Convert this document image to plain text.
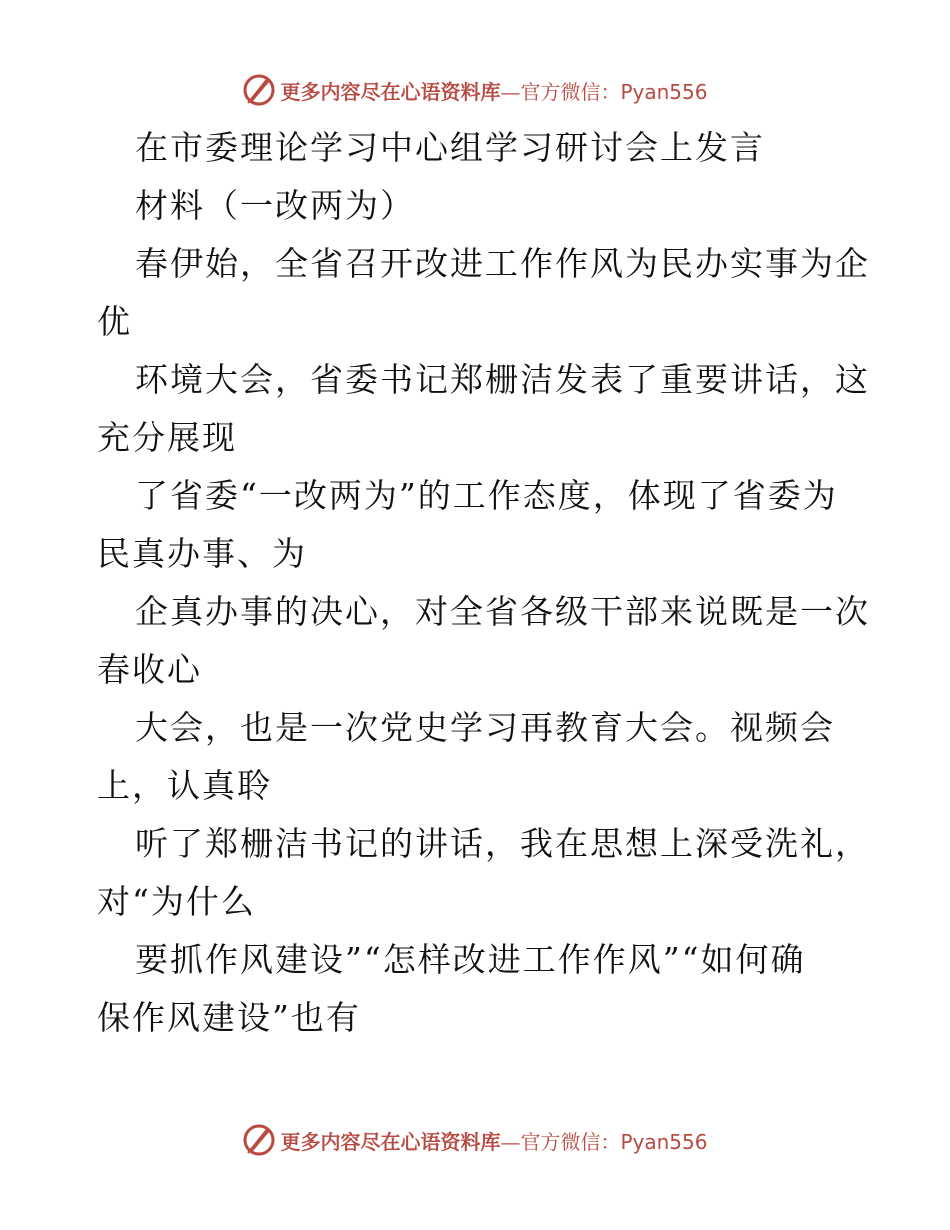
更多内容尽在心语资料库—官方微信：Pyan556
在市委理论学习中心组学习研讨会上发言
材料（一改两为）
春伊始，全省召开改进工作作风为民办实事为企
优
环境大会，省委书记郑栅洁发表了重要讲话，这
充分展现
了省委“一改两为”的工作态度，体现了省委为
民真办事、为
企真办事的决心，对全省各级干部来说既是一次
春收心
大会，也是一次党史学习再教育大会。视频会
上，认真聆
听了郑栅洁书记的讲话，我在思想上深受洗礼，
对“为什么
要抓作风建设”“怎样改进工作作风”“如何确
保作风建设”也有
更多内容尽在心语资料库—官方微信：Pyan556
